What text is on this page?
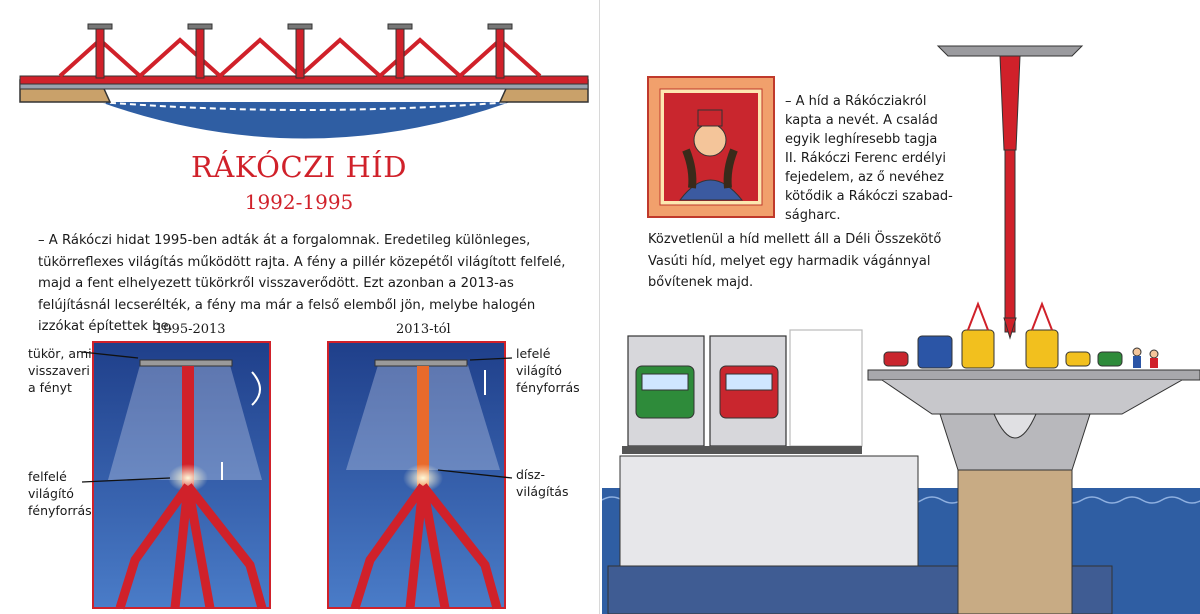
RÁKÓCZI HÍD
1992-1995
– A Rákóczi hidat 1995-ben adták át a forgalomnak. Eredetileg különleges, tükörreflexes világítás működött rajta. A fény a pillér közepétől világított felfelé, majd a fent elhelyezett tükörkről visszaverődött. Ezt azonban a 2013-as felújításnál lecserélték, a fény ma már a felső elemből jön, melybe halogén izzókat építettek be.
1995-2013	2013-tól
tükör, ami
visszaveri
a fényt
felfelé
világító
fényforrás
lefelé
világító
fényforrás
dísz-
világítás
– A híd a Rákócziakról
kapta a nevét. A család
egyik leghíresebb tagja
II. Rákóczi Ferenc erdélyi
fejedelem, az ő nevéhez
kötődik a Rákóczi szabad-
ságharc.
Közvetlenül a híd mellett áll a Déli Összekötő
Vasúti híd, melyet egy harmadik vágánnyal
bővítenek majd.
